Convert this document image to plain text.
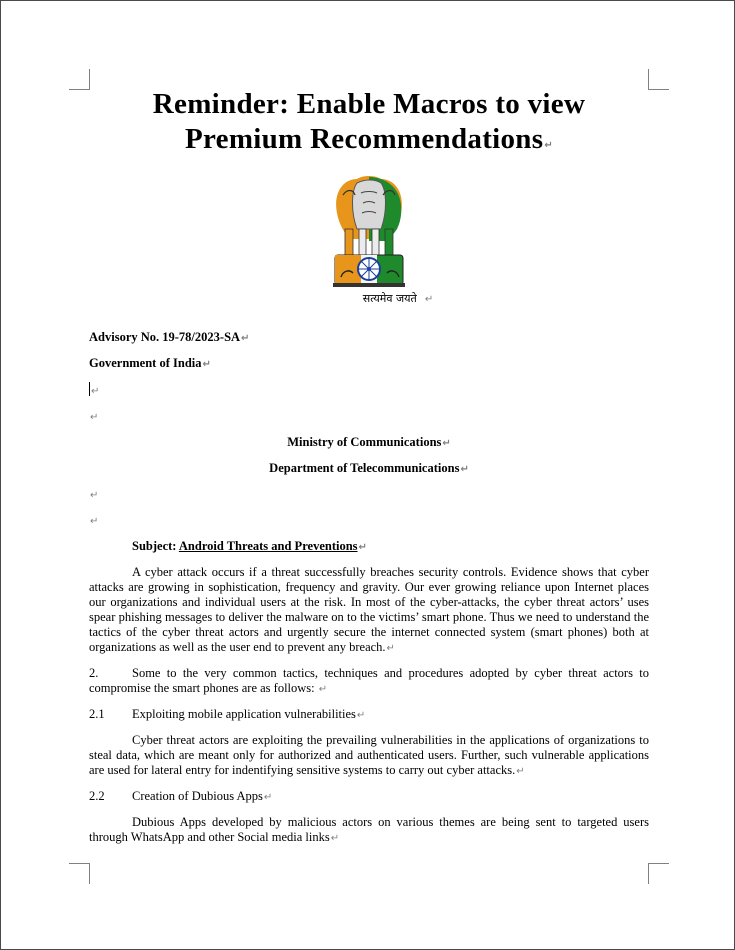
Reminder: Enable Macros to view
Premium Recommendations↵
सत्यमेव जयते ↵

Advisory No. 19-78/2023-SA↵

Government of India↵

↵

↵

Ministry of Communications↵

Department of Telecommunications↵

↵

↵

Subject: Android Threats and Preventions↵

A cyber attack occurs if a threat successfully breaches security controls. Evidence shows that cyber attacks are growing in sophistication, frequency and gravity. Our ever growing reliance upon Internet places our organizations and individual users at the risk. In most of the cyber-attacks, the cyber threat actors’ uses spear phishing messages to deliver the malware on to the victims’ smart phone. Thus we need to understand the tactics of the cyber threat actors and urgently secure the internet connected system (smart phones) both at organizations as well as the user end to prevent any breach.↵

2.	Some to the very common tactics, techniques and procedures adopted by cyber threat actors to compromise the smart phones are as follows: ↵

2.1 Exploiting mobile application vulnerabilities↵

Cyber threat actors are exploiting the prevailing vulnerabilities in the applications of organizations to steal data, which are meant only for authorized and authenticated users. Further, such vulnerable applications are used for lateral entry for indentifying sensitive systems to carry out cyber attacks.↵

2.2 Creation of Dubious Apps↵

Dubious Apps developed by malicious actors on various themes are being sent to targeted users through WhatsApp and other Social media links↵
